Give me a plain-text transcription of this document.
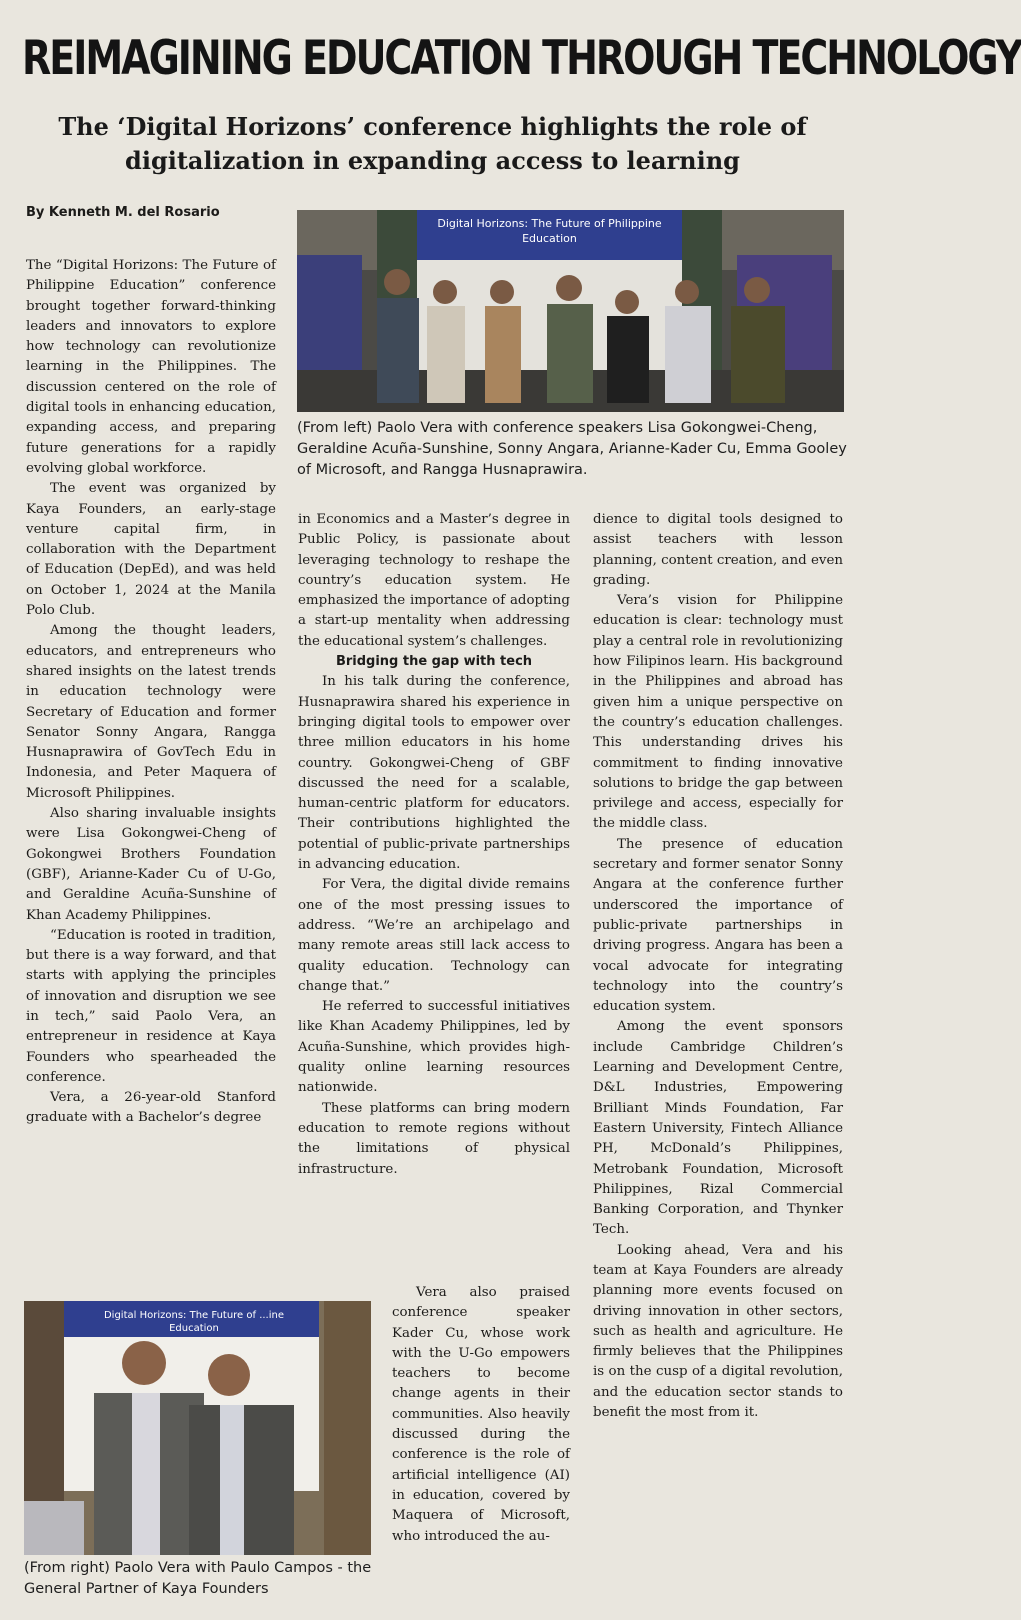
REIMAGINING EDUCATION THROUGH TECHNOLOGY
The ‘Digital Horizons’ conference highlights the role of digitalization in expanding access to learning
By Kenneth M. del Rosario

The “Digital Horizons: The Future of Philippine Education” conference brought together forward-thinking leaders and innovators to explore how technology can revolutionize learning in the Philippines. The discussion centered on the role of digital tools in enhancing education, expanding access, and preparing future generations for a rapidly evolving global workforce.

The event was organized by Kaya Founders, an early-stage venture capital firm, in collaboration with the Department of Education (DepEd), and was held on October 1, 2024 at the Manila Polo Club.

Among the thought leaders, educators, and entrepreneurs who shared insights on the latest trends in education technology were Secretary of Education and former Senator Sonny Angara, Rangga Husnaprawira of GovTech Edu in Indonesia, and Peter Maquera of Microsoft Philippines.

Also sharing invaluable insights were Lisa Gokongwei-Cheng of Gokongwei Brothers Foundation (GBF), Arianne-Kader Cu of U-Go, and Geraldine Acuña-Sunshine of Khan Academy Philippines.

“Education is rooted in tradition, but there is a way forward, and that starts with applying the principles of innovation and disruption we see in tech,” said Paolo Vera, an entrepreneur in residence at Kaya Founders who spearheaded the conference.

Vera, a 26-year-old Stanford graduate with a Bachelor’s degree

Digital Horizons: The Future of Philippine Education
(From left) Paolo Vera with conference speakers Lisa Gokongwei-Cheng, Geraldine Acuña-Sunshine, Sonny Angara, Arianne-Kader Cu, Emma Gooley of Microsoft, and Rangga Husnaprawira.

in Economics and a Master’s degree in Public Policy, is passionate about leveraging technology to reshape the country’s education system. He emphasized the importance of adopting a start-up mentality when addressing the educational system’s challenges.

Bridging the gap with tech

In his talk during the conference, Husnaprawira shared his experience in bringing digital tools to empower over three million educators in his home country. Gokongwei-Cheng of GBF discussed the need for a scalable, human-centric platform for educators. Their contributions highlighted the potential of public-private partnerships in advancing education.

For Vera, the digital divide remains one of the most pressing issues to address. “We’re an archipelago and many remote areas still lack access to quality education. Technology can change that.”

He referred to successful initiatives like Khan Academy Philippines, led by Acuña-Sunshine, which provides high-quality online learning resources nationwide.

These platforms can bring modern education to remote regions without the limitations of physical infrastructure.

Vera also praised conference speaker Kader Cu, whose work with the U-Go empowers teachers to become change agents in their communities. Also heavily discussed during the conference is the role of artificial intelligence (AI) in education, covered by Maquera of Microsoft, who introduced the au-

dience to digital tools designed to assist teachers with lesson planning, content creation, and even grading.

Vera’s vision for Philippine education is clear: technology must play a central role in revolutionizing how Filipinos learn. His background in the Philippines and abroad has given him a unique perspective on the country’s education challenges. This understanding drives his commitment to finding innovative solutions to bridge the gap between privilege and access, especially for the middle class.

The presence of education secretary and former senator Sonny Angara at the conference further underscored the importance of public-private partnerships in driving progress. Angara has been a vocal advocate for integrating technology into the country’s education system.

Among the event sponsors include Cambridge Children’s Learning and Development Centre, D&L Industries, Empowering Brilliant Minds Foundation, Far Eastern University, Fintech Alliance PH, McDonald’s Philippines, Metrobank Foundation, Microsoft Philippines, Rizal Commercial Banking Corporation, and Thynker Tech.

Looking ahead, Vera and his team at Kaya Founders are already planning more events focused on driving innovation in other sectors, such as health and agriculture. He firmly believes that the Philippines is on the cusp of a digital revolution, and the education sector stands to benefit the most from it.

Digital Horizons: The Future of ...ine Education
(From right) Paolo Vera with Paulo Campos - the General Partner of Kaya Founders
